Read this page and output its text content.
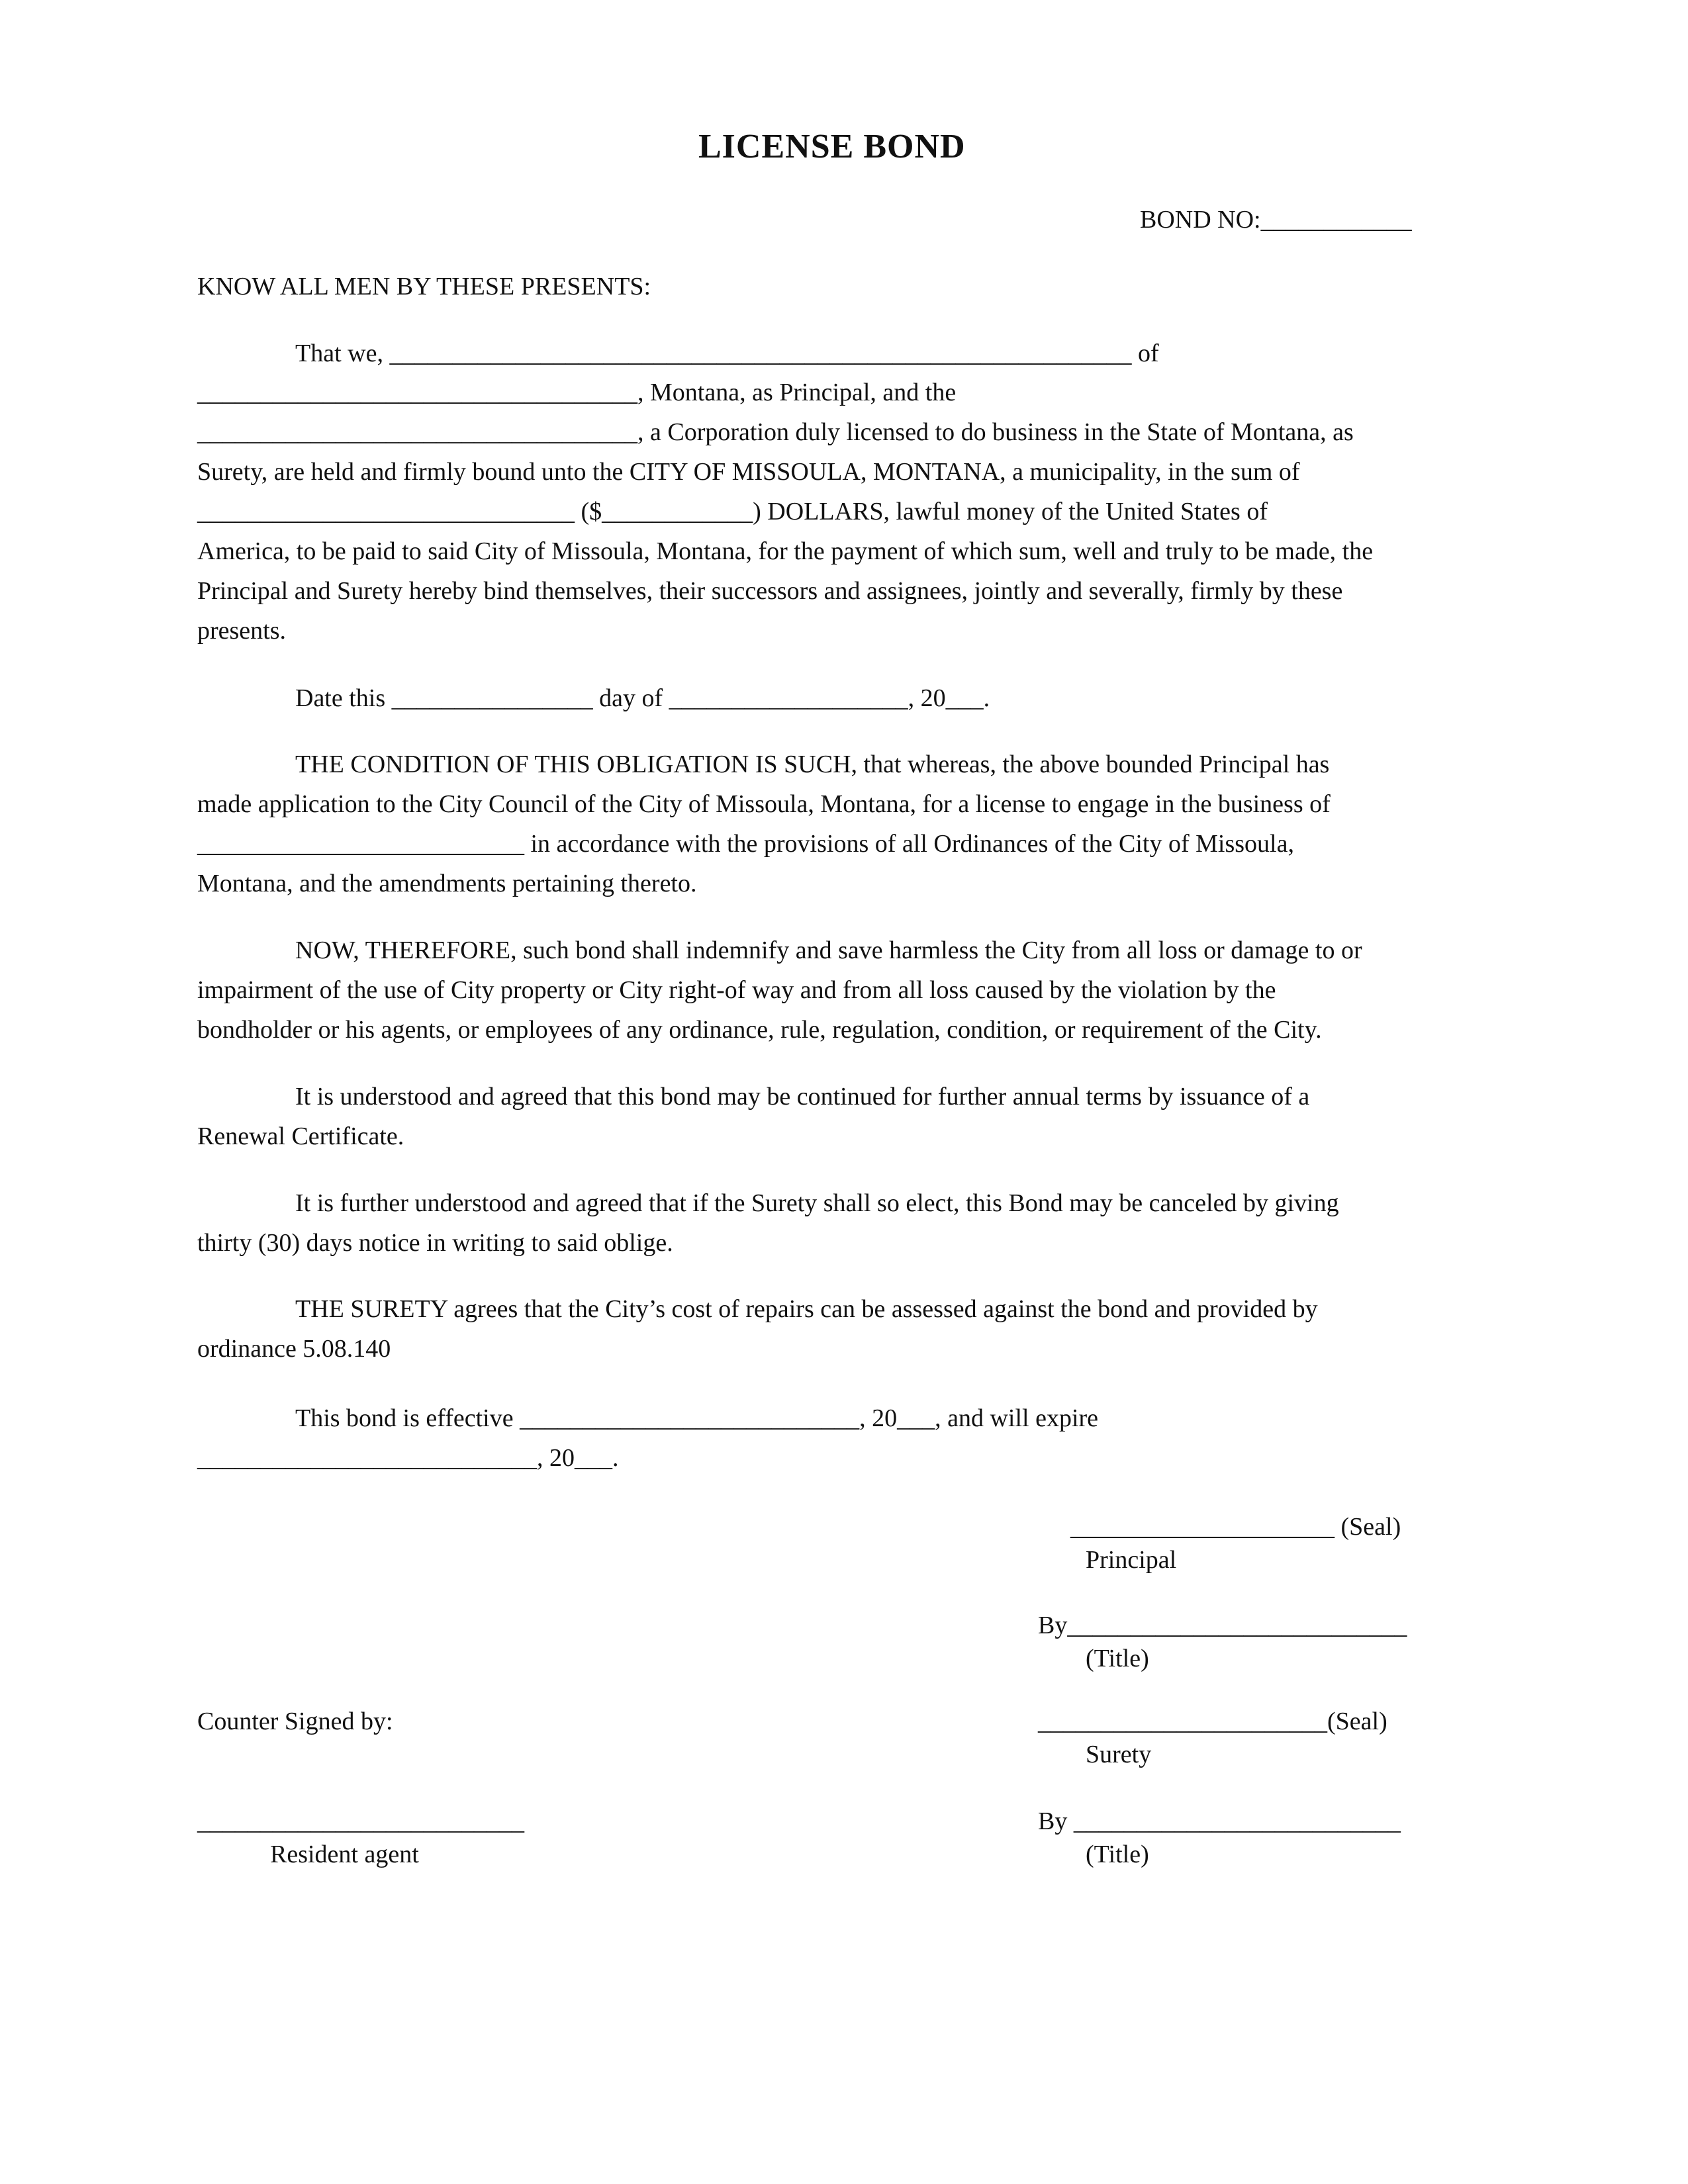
LICENSE BOND
BOND NO:____________
KNOW ALL MEN BY THESE PRESENTS:
That we, ___________________________________________________________ of
___________________________________, Montana, as Principal, and the
___________________________________, a Corporation duly licensed to do business in the State of Montana, as
Surety, are held and firmly bound unto the CITY OF MISSOULA, MONTANA, a municipality, in the sum of
______________________________ ($____________) DOLLARS, lawful money of the United States of
America, to be paid to said City of Missoula, Montana, for the payment of which sum, well and truly to be made, the
Principal and Surety hereby bind themselves, their successors and assignees, jointly and severally, firmly by these
presents.
Date this ________________ day of ___________________, 20___.
THE CONDITION OF THIS OBLIGATION IS SUCH, that whereas, the above bounded Principal has
made application to the City Council of the City of Missoula, Montana, for a license to engage in the business of
__________________________ in accordance with the provisions of all Ordinances of the City of Missoula,
Montana, and the amendments pertaining thereto.
NOW, THEREFORE, such bond shall indemnify and save harmless the City from all loss or damage to or
impairment of the use of City property or City right-of way and from all loss caused by the violation by the
bondholder or his agents, or employees of any ordinance, rule, regulation, condition, or requirement of the City.
It is understood and agreed that this bond may be continued for further annual terms by issuance of a
Renewal Certificate.
It is further understood and agreed that if the Surety shall so elect, this Bond may be canceled by giving
thirty (30) days notice in writing to said oblige.
THE SURETY agrees that the City’s cost of repairs can be assessed against the bond and provided by
ordinance 5.08.140
This bond is effective ___________________________, 20___, and will expire
___________________________, 20___.
_____________________ (Seal)
Principal
By___________________________
(Title)
Counter Signed by:	_______________________(Seal)
Surety
__________________________	By __________________________
Resident agent	(Title)
